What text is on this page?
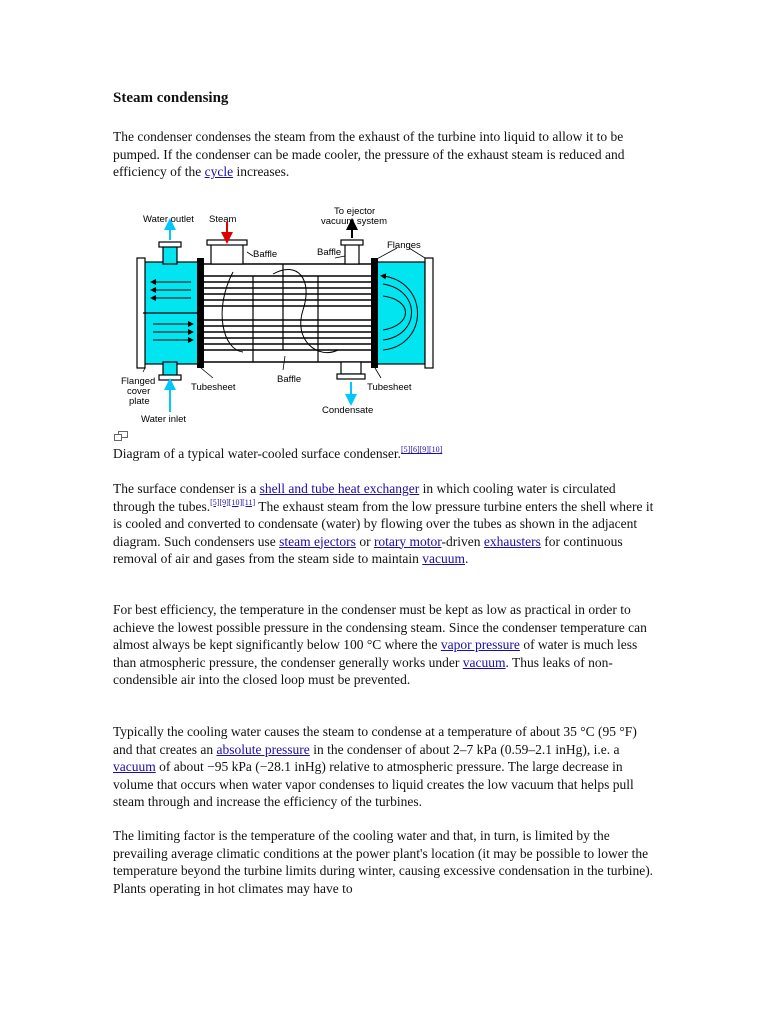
Steam condensing

The condenser condenses the steam from the exhaust of the turbine into liquid to allow it to be pumped. If the condenser can be made cooler, the pressure of the exhaust steam is reduced and efficiency of the cycle increases.

Water outlet Steam
To ejector
vacuum system
Baffle	Baffle
Flanges
Flanged
cover
plate
Tubesheet
Baffle
Tubesheet
Condensate
Water inlet

Diagram of a typical water-cooled surface condenser.[5][6][9][10]

The surface condenser is a shell and tube heat exchanger in which cooling water is circulated through the tubes.[5][9][10][11] The exhaust steam from the low pressure turbine enters the shell where it is cooled and converted to condensate (water) by flowing over the tubes as shown in the adjacent diagram. Such condensers use steam ejectors or rotary motor-driven exhausters for continuous removal of air and gases from the steam side to maintain vacuum.

For best efficiency, the temperature in the condenser must be kept as low as practical in order to achieve the lowest possible pressure in the condensing steam. Since the condenser temperature can almost always be kept significantly below 100 °C where the vapor pressure of water is much less than atmospheric pressure, the condenser generally works under vacuum. Thus leaks of non-condensible air into the closed loop must be prevented.

Typically the cooling water causes the steam to condense at a temperature of about 35 °C (95 °F) and that creates an absolute pressure in the condenser of about 2–7 kPa (0.59–2.1 inHg), i.e. a vacuum of about −95 kPa (−28.1 inHg) relative to atmospheric pressure. The large decrease in volume that occurs when water vapor condenses to liquid creates the low vacuum that helps pull steam through and increase the efficiency of the turbines.

The limiting factor is the temperature of the cooling water and that, in turn, is limited by the prevailing average climatic conditions at the power plant's location (it may be possible to lower the temperature beyond the turbine limits during winter, causing excessive condensation in the turbine). Plants operating in hot climates may have to
